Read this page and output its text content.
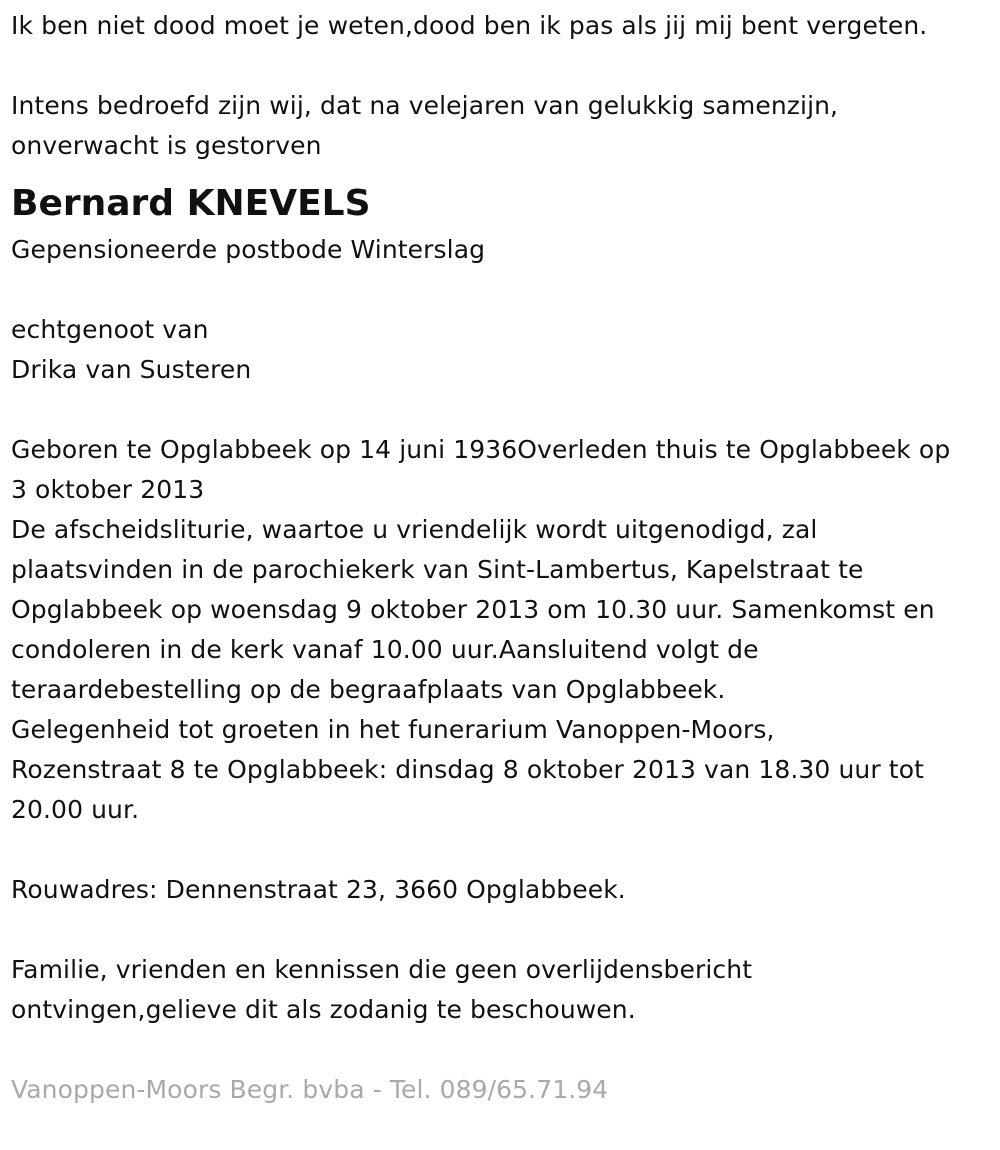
Ik ben niet dood moet je weten,dood ben ik pas als jij mij bent vergeten.
Intens bedroefd zijn wij, dat na velejaren van gelukkig samenzijn,
onverwacht is gestorven
Bernard KNEVELS
Gepensioneerde postbode Winterslag
echtgenoot van
Drika van Susteren
Geboren te Opglabbeek op 14 juni 1936Overleden thuis te Opglabbeek op
3 oktober 2013
De afscheidsliturie, waartoe u vriendelijk wordt uitgenodigd, zal
plaatsvinden in de parochiekerk van Sint-Lambertus, Kapelstraat te
Opglabbeek op woensdag 9 oktober 2013 om 10.30 uur. Samenkomst en
condoleren in de kerk vanaf 10.00 uur.Aansluitend volgt de
teraardebestelling op de begraafplaats van Opglabbeek.
Gelegenheid tot groeten in het funerarium Vanoppen-Moors,
Rozenstraat 8 te Opglabbeek: dinsdag 8 oktober 2013 van 18.30 uur tot
20.00 uur.
Rouwadres: Dennenstraat 23, 3660 Opglabbeek.
Familie, vrienden en kennissen die geen overlijdensbericht
ontvingen,gelieve dit als zodanig te beschouwen.
Vanoppen-Moors Begr. bvba - Tel. 089/65.71.94
